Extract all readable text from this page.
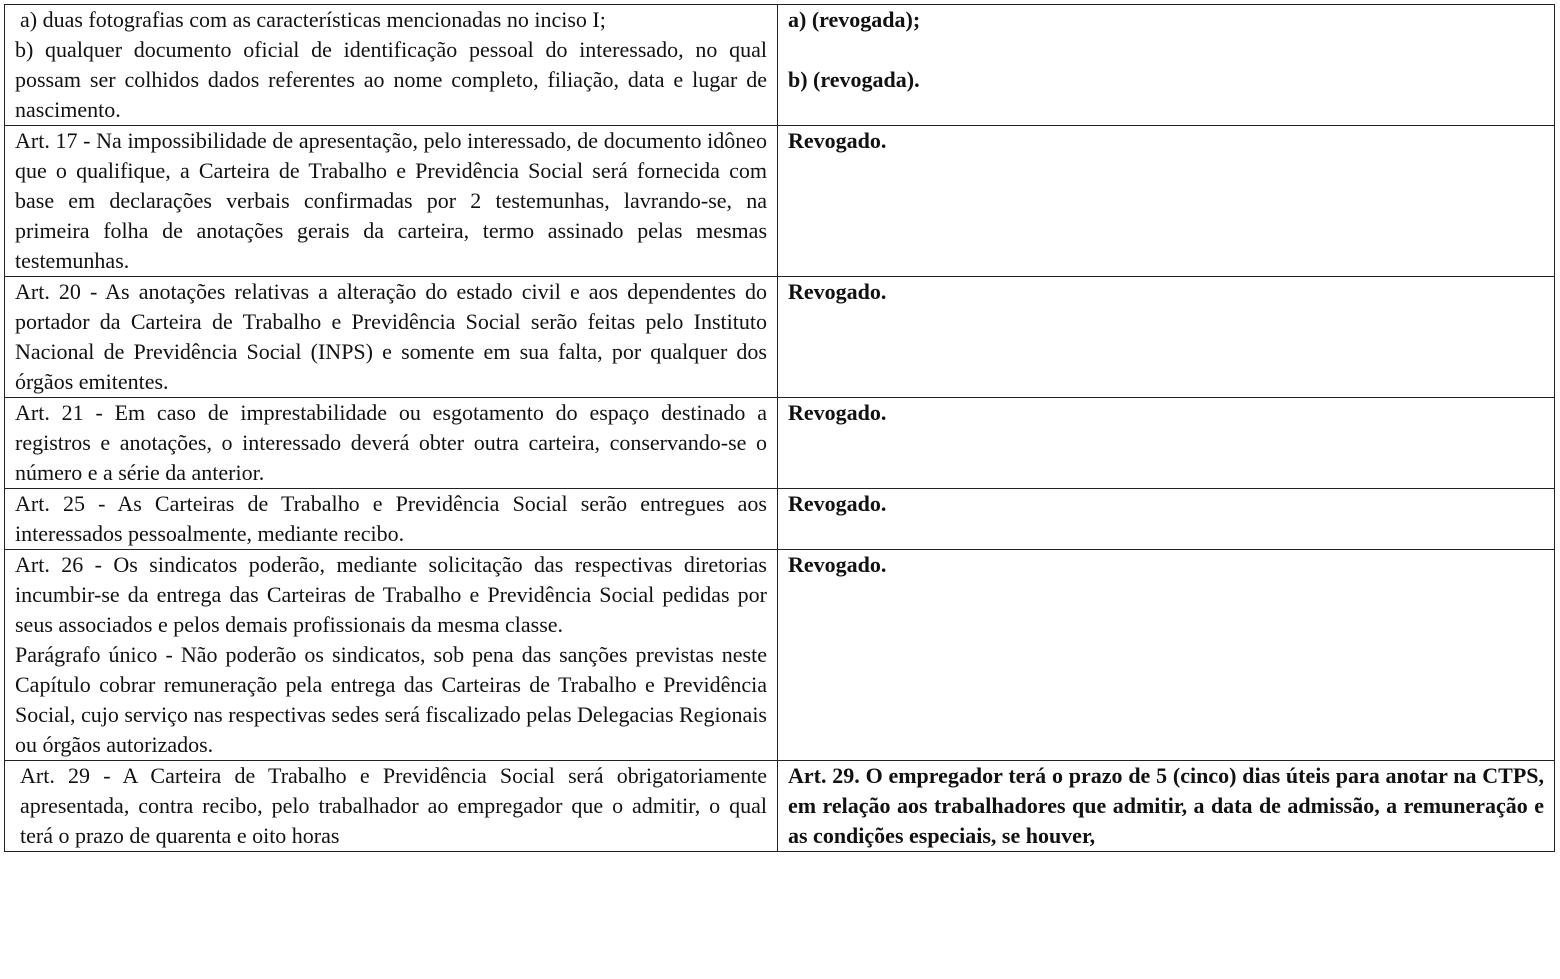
a) duas fotografias com as características mencionadas no inciso I;
b) qualquer documento oficial de identificação pessoal do interessado, no qual possam ser colhidos dados referentes ao nome completo, filiação, data e lugar de nascimento.	a) (revogada);
b) (revogada).

Art. 17 - Na impossibilidade de apresentação, pelo interessado, de documento idôneo que o qualifique, a Carteira de Trabalho e Previdência Social será fornecida com base em declarações verbais confirmadas por 2 testemunhas, lavrando-se, na primeira folha de anotações gerais da carteira, termo assinado pelas mesmas testemunhas.	Revogado.

Art. 20 - As anotações relativas a alteração do estado civil e aos dependentes do portador da Carteira de Trabalho e Previdência Social serão feitas pelo Instituto Nacional de Previdência Social (INPS) e somente em sua falta, por qualquer dos órgãos emitentes.	Revogado.

Art. 21 - Em caso de imprestabilidade ou esgotamento do espaço destinado a registros e anotações, o interessado deverá obter outra carteira, conservando-se o número e a série da anterior.	Revogado.

Art. 25 - As Carteiras de Trabalho e Previdência Social serão entregues aos interessados pessoalmente, mediante recibo.	Revogado.

Art. 26 - Os sindicatos poderão, mediante solicitação das respectivas diretorias incumbir-se da entrega das Carteiras de Trabalho e Previdência Social pedidas por seus associados e pelos demais profissionais da mesma classe.
Parágrafo único - Não poderão os sindicatos, sob pena das sanções previstas neste Capítulo cobrar remuneração pela entrega das Carteiras de Trabalho e Previdência Social, cujo serviço nas respectivas sedes será fiscalizado pelas Delegacias Regionais ou órgãos autorizados.	Revogado.

Art. 29 - A Carteira de Trabalho e Previdência Social será obrigatoriamente apresentada, contra recibo, pelo trabalhador ao empregador que o admitir, o qual terá o prazo de quarenta e oito horas	Art. 29. O empregador terá o prazo de 5 (cinco) dias úteis para anotar na CTPS, em relação aos trabalhadores que admitir, a data de admissão, a remuneração e as condições especiais, se houver,
